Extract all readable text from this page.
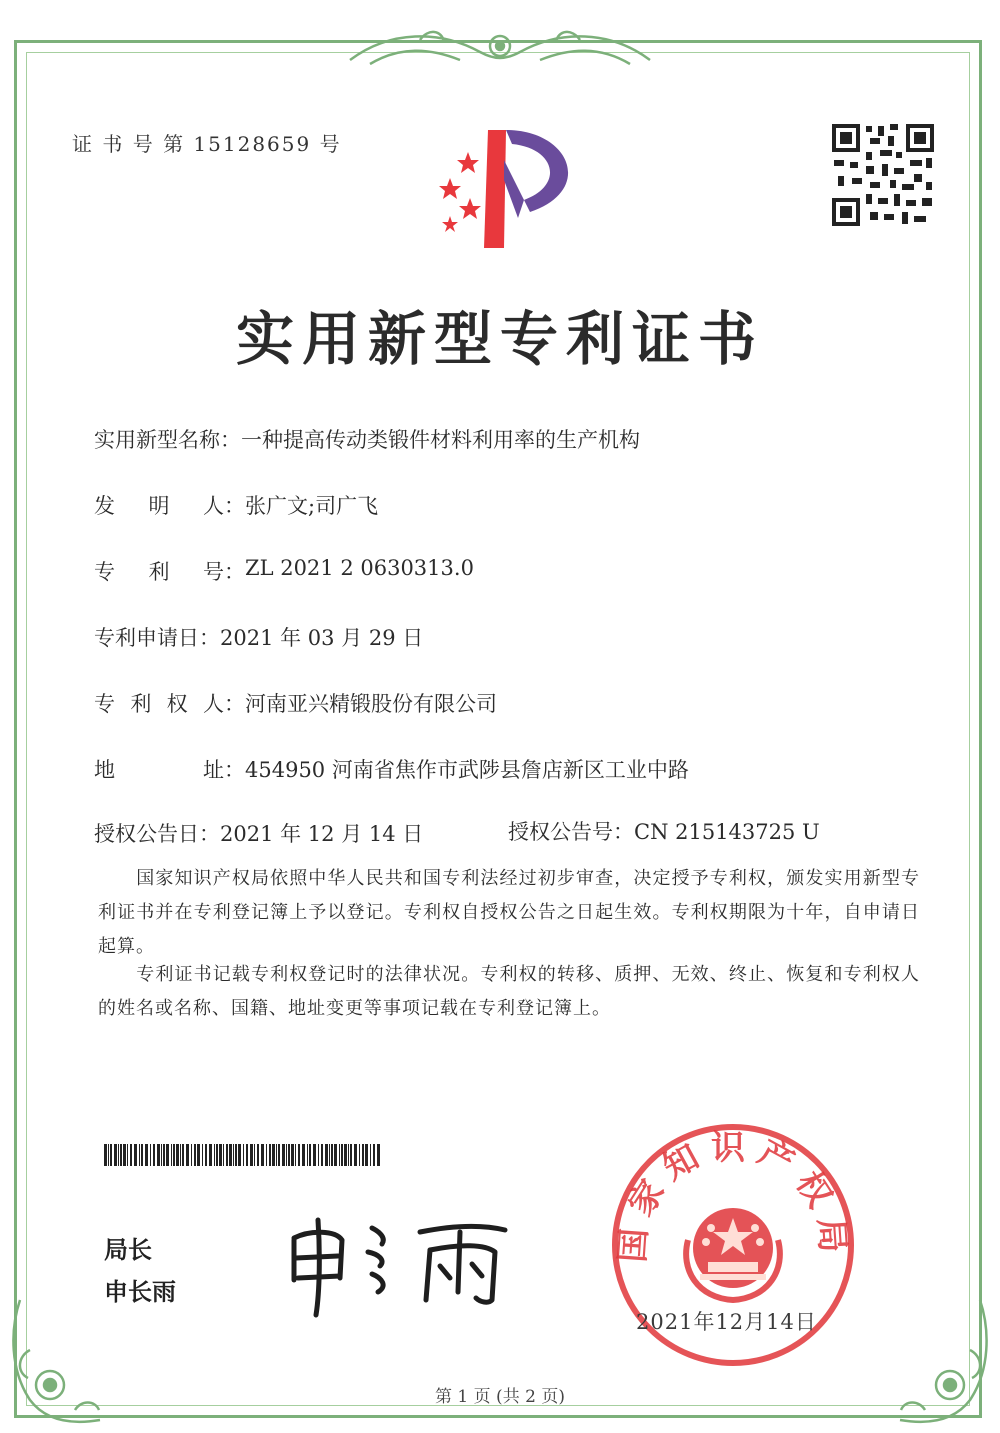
证 书 号 第 15128659 号
实用新型专利证书
实用新型名称：一种提高传动类锻件材料利用率的生产机构
发 明 人 ： 张广文;司广飞
专 利 号 ： ZL 2021 2 0630313.0
专利申请日：2021 年 03 月 29 日
专 利 权 人 ： 河南亚兴精锻股份有限公司
地	址 ： 454950 河南省焦作市武陟县詹店新区工业中路
授权公告日：2021 年 12 月 14 日	授权公告号：CN 215143725 U
　　国家知识产权局依照中华人民共和国专利法经过初步审查，决定授予专利权，颁发实用新型专利证书并在专利登记簿上予以登记。专利权自授权公告之日起生效。专利权期限为十年，自申请日起算。
　　专利证书记载专利权登记时的法律状况。专利权的转移、质押、无效、终止、恢复和专利权人的姓名或名称、国籍、地址变更等事项记载在专利登记簿上。
局长
申长雨
国家知识产权局
2021年12月14日
第 1 页 (共 2 页)
